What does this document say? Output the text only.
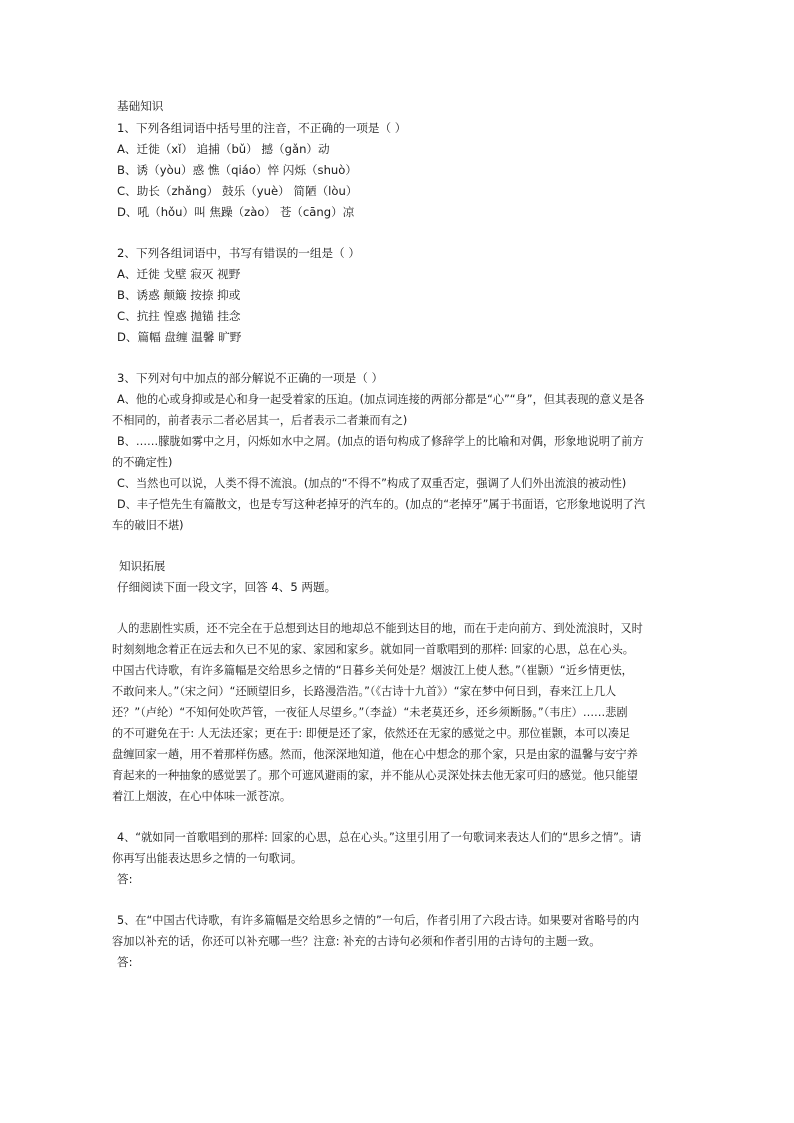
基础知识

1、下列各组词语中括号里的注音，不正确的一项是（ ）

A、迁徙（xǐ） 追捕（bǔ） 撼（gǎn）动

B、诱（yòu）惑 憔（qiáo）悴 闪烁（shuò）

C、助长（zhǎng） 鼓乐（yuè） 简陋（lòu）

D、吼（hǒu）叫 焦躁（zào） 苍（cāng）凉

2、下列各组词语中，书写有错误的一组是（ ）

A、迁徙 戈壁 寂灭 视野

B、诱惑 颠簸 按捺 抑或

C、抗拄 惶惑 抛锚 挂念

D、篇幅 盘缠 温馨 旷野

3、下列对句中加点的部分解说不正确的一项是（ ）

A、他的心或身抑或是心和身一起受着家的压迫。(加点词连接的两部分都是“心”“身”，但其表现的意义是各

不相同的，前者表示二者必居其一，后者表示二者兼而有之)

B、……朦胧如雾中之月，闪烁如水中之屑。(加点的语句构成了修辞学上的比喻和对偶，形象地说明了前方

的不确定性)

C、当然也可以说，人类不得不流浪。(加点的“不得不”构成了双重否定，强调了人们外出流浪的被动性)

D、丰子恺先生有篇散文，也是专写这种老掉牙的汽车的。(加点的“老掉牙”属于书面语，它形象地说明了汽

车的破旧不堪)

知识拓展

仔细阅读下面一段文字，回答 4、5 两题。

人的悲剧性实质，还不完全在于总想到达目的地却总不能到达目的地，而在于走向前方、到处流浪时，又时

时刻刻地念着正在远去和久已不见的家、家园和家乡。就如同一首歌唱到的那样: 回家的心思，总在心头。

中国古代诗歌，有许多篇幅是交给思乡之情的“日暮乡关何处是？烟波江上使人愁。”（崔颢）“近乡情更怯，

不敢问来人。”（宋之问）“还顾望旧乡，长路漫浩浩。”（《古诗十九首》）“家在梦中何日到，春来江上几人

还？”（卢纶）“不知何处吹芦管，一夜征人尽望乡。”（李益）“未老莫还乡，还乡须断肠。”（韦庄）……悲剧

的不可避免在于: 人无法还家；更在于: 即便是还了家，依然还在无家的感觉之中。那位崔颢，本可以凑足

盘缠回家一趟，用不着那样伤感。然而，他深深地知道，他在心中想念的那个家，只是由家的温馨与安宁养

育起来的一种抽象的感觉罢了。那个可遮风避雨的家，并不能从心灵深处抹去他无家可归的感觉。他只能望

着江上烟波，在心中体味一派苍凉。

4、“就如同一首歌唱到的那样: 回家的心思，总在心头。”这里引用了一句歌词来表达人们的“思乡之情”。请

你再写出能表达思乡之情的一句歌词。

答:

5、在“中国古代诗歌，有许多篇幅是交给思乡之情的”一句后，作者引用了六段古诗。如果要对省略号的内

容加以补充的话，你还可以补充哪一些？注意: 补充的古诗句必须和作者引用的古诗句的主题一致。

答:
